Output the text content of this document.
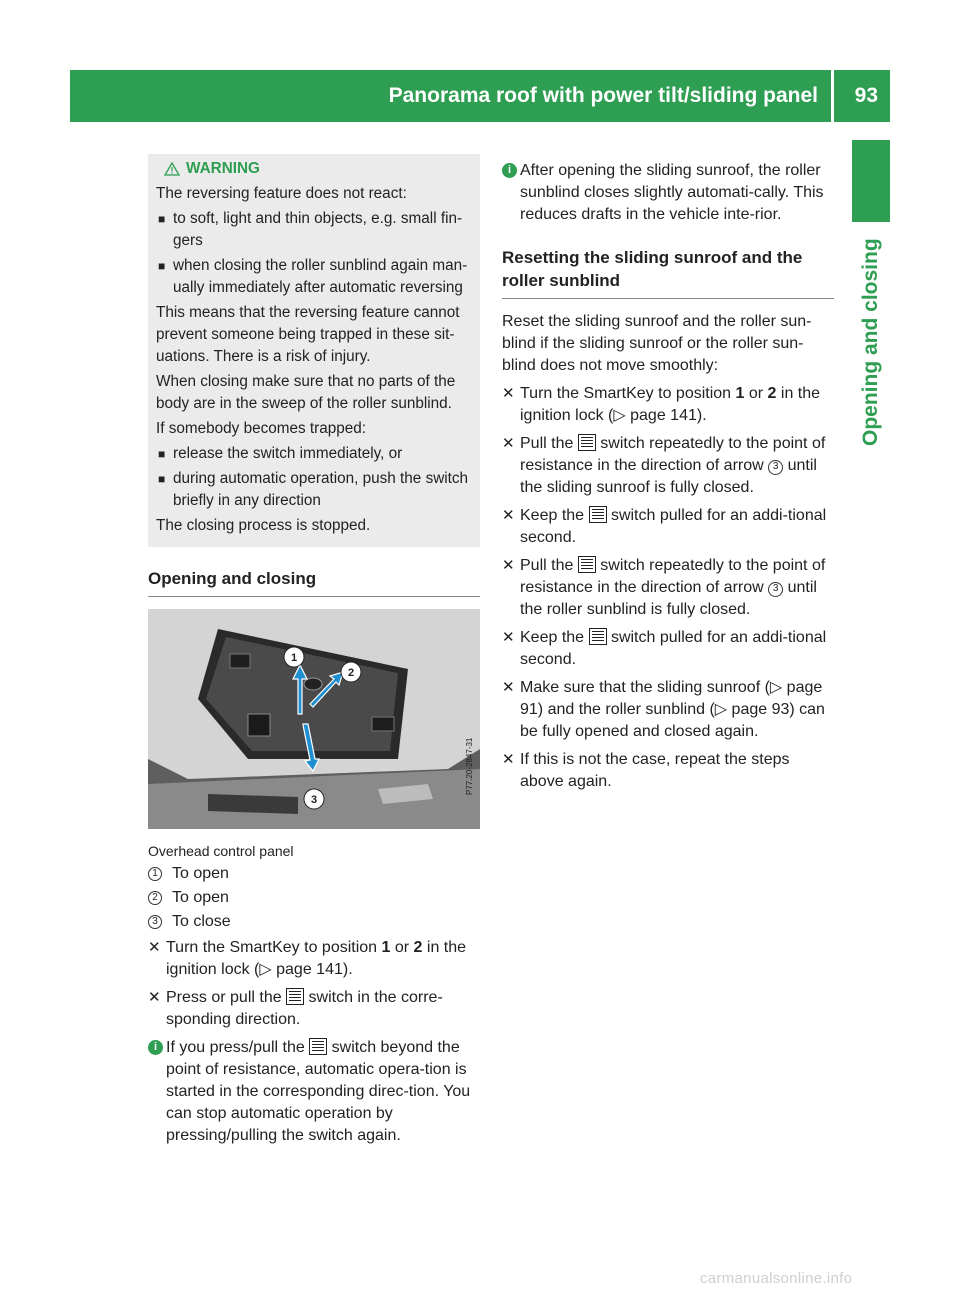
Panorama roof with power tilt/sliding panel 93
Opening and closing
WARNING

The reversing feature does not react:

■ to soft, light and thin objects, e.g. small fin-gers
■ when closing the roller sunblind again man-ually immediately after automatic reversing

This means that the reversing feature cannot prevent someone being trapped in these sit-uations. There is a risk of injury.

When closing make sure that no parts of the body are in the sweep of the roller sunblind.

If somebody becomes trapped:

■ release the switch immediately, or
■ during automatic operation, push the switch briefly in any direction

The closing process is stopped.

Opening and closing
1
2
3
P77.20-2847-31
Overhead control panel
1 To open
2 To open
3 To close
✕ Turn the SmartKey to position 1 or 2 in the ignition lock (▷ page 141).
✕ Press or pull the  switch in the corre-sponding direction.
i If you press/pull the  switch beyond the point of resistance, automatic opera-tion is started in the corresponding direc-tion. You can stop automatic operation by pressing/pulling the switch again.
i After opening the sliding sunroof, the roller sunblind closes slightly automati-cally. This reduces drafts in the vehicle inte-rior.
Resetting the sliding sunroof and the roller sunblind

Reset the sliding sunroof and the roller sun-blind if the sliding sunroof or the roller sun-blind does not move smoothly:

✕ Turn the SmartKey to position 1 or 2 in the ignition lock (▷ page 141).
✕ Pull the  switch repeatedly to the point of resistance in the direction of arrow 3 until the sliding sunroof is fully closed.
✕ Keep the  switch pulled for an addi-tional second.
✕ Pull the  switch repeatedly to the point of resistance in the direction of arrow 3 until the roller sunblind is fully closed.
✕ Keep the  switch pulled for an addi-tional second.
✕ Make sure that the sliding sunroof (▷ page 91) and the roller sunblind (▷ page 93) can be fully opened and closed again.
✕ If this is not the case, repeat the steps above again.
carmanualsonline.info
